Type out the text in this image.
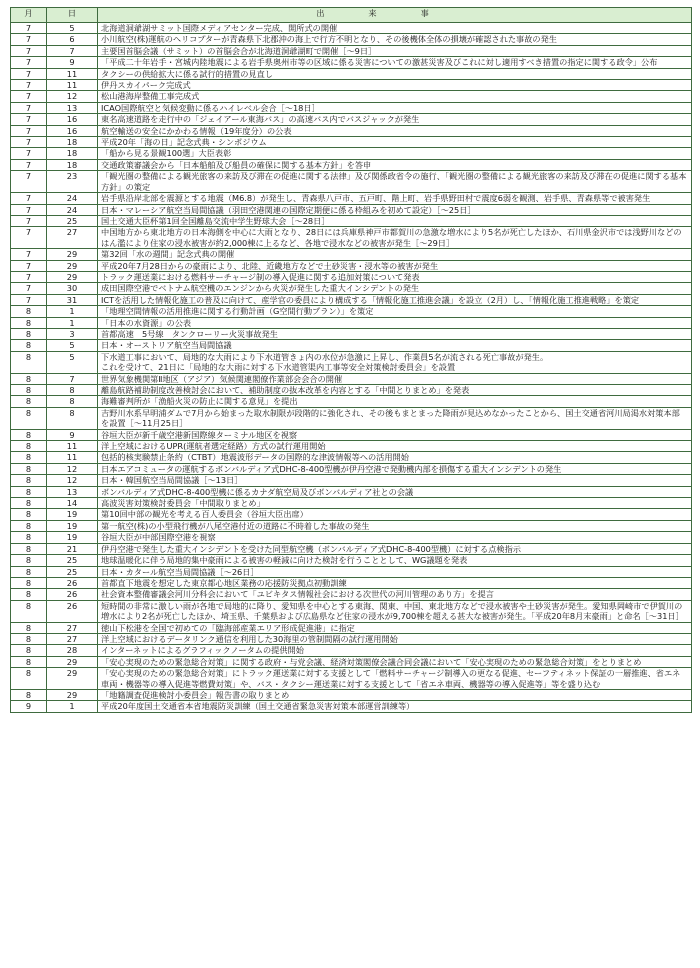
月	日	出来事
7	5	北海道洞爺湖サミット国際メディアセンター完成、開所式の開催
7	6	小川航空(株)運航のヘリコプターが青森県下北郡沖の海上で行方不明となり、その後機体全体の損壊が確認された事故の発生
7	7	主要国首脳会議（サミット）の首脳会合が北海道洞爺湖町で開催［〜9日］
7	9	「平成二十年岩手・宮城内陸地震による岩手県奥州市等の区域に係る災害についての激甚災害及びこれに対し適用すべき措置の指定に関する政令」公布
7	11	タクシーの供給拡大に係る試行的措置の見直し
7	11	伊丹スカイパーク完成式
7	12	松山港海岸整備工事完成式
7	13	ICAO国際航空と気候変動に係るハイレベル会合［〜18日］
7	16	東名高速道路を走行中の「ジェイアール東海バス」の高速バス内でバスジャックが発生
7	16	航空輸送の安全にかかわる情報（19年度分）の公表
7	18	平成20年「海の日」記念式典・シンポジウム
7	18	「船から見る景観100選」大臣表彰
7	18	交通政策審議会から「日本船舶及び船員の確保に関する基本方針」を答申
7	23	「観光圏の整備による観光旅客の来訪及び滞在の促進に関する法律」及び関係政省令の施行、「観光圏の整備による観光旅客の来訪及び滞在の促進に関する基本方針」の策定
7	24	岩手県沿岸北部を震源とする地震（M6.8）が発生し、青森県八戸市、五戸町、階上町、岩手県野田村で震度6弱を観測、岩手県、青森県等で被害発生
7	24	日本・マレーシア航空当局間協議（羽田空港関連の国際定期便に係る枠組みを初めて設定）［〜25日］
7	25	国土交通大臣杯第1回全国離島交流中学生野球大会［〜28日］
7	27	中国地方から東北地方の日本海側を中心に大雨となり、28日には兵庫県神戸市都賀川の急激な増水により5名が死亡したほか、石川県金沢市では浅野川などのはん濫により住家の浸水被害が約2,000棟に上るなど、各地で浸水などの被害が発生［〜29日］
7	29	第32回「水の週間」記念式典の開催
7	29	平成20年7月28日からの豪雨により、北陸、近畿地方などで土砂災害・浸水等の被害が発生
7	29	トラック運送業における燃料サーチャージ制の導入促進に関する追加対策について発表
7	30	成田国際空港でベトナム航空機のエンジンから火災が発生した重大インシデントの発生
7	31	ICTを活用した情報化施工の普及に向けて、産学官の委員により構成する「情報化施工推進会議」を設立（2月）し、「情報化施工推進戦略」を策定
8	1	「地理空間情報の活用推進に関する行動計画（G空間行動プラン）」を策定
8	1	「日本の水資源」の公表
8	3	首都高速　5号線　タンクローリー火災事故発生
8	5	日本・オーストリア航空当局間協議
8	5	下水道工事において、局地的な大雨により下水道管きょ内の水位が急激に上昇し、作業員5名が流される死亡事故が発生。
これを受けて、21日に「局地的な大雨に対する下水道管渠内工事等安全対策検討委員会」を設置
8	7	世界気象機関第Ⅱ地区（アジア）気候関連閣僚作業部会会合の開催
8	8	離島航路補助制度改善検討会において、補助制度の抜本改革を内容とする「中間とりまとめ」を発表
8	8	海難審判所が「漁船火災の防止に関する意見」を提出
8	8	吉野川水系早明浦ダムで7月から始まった取水制限が段階的に強化され、その後もまとまった降雨が見込めなかったことから、国土交通省河川局渇水対策本部を設置［〜11月25日］
8	9	谷垣大臣が新千歳空港新国際線ターミナル地区を視察
8	11	洋上空域におけるUPR(運航者選定経路）方式の試行運用開始
8	11	包括的核実験禁止条約（CTBT）地震波形データの国際的な津波情報等への活用開始
8	12	日本エアコミュータの運航するボンバルディア式DHC-8-400型機が伊丹空港で発動機内部を損傷する重大インシデントの発生
8	12	日本・韓国航空当局間協議［〜13日］
8	13	ボンバルディア式DHC-8-400型機に係るカナダ航空局及びボンバルディア社との会議
8	14	高波災害対策検討委員会「中間取りまとめ」
8	19	第10回中部の観光を考える百人委員会（谷垣大臣出席）
8	19	第一航空(株)の小型飛行機が八尾空港付近の道路に不時着した事故の発生
8	19	谷垣大臣が中部国際空港を視察
8	21	伊丹空港で発生した重大インシデントを受けた同型航空機（ボンバルディア式DHC-8-400型機）に対する点検指示
8	25	地球温暖化に伴う局地的集中豪雨による被害の軽減に向けた検討を行うこととして、WG議題を発表
8	25	日本・カタール航空当局間協議［〜26日］
8	26	首都直下地震を想定した東京都心地区業務の応援防災拠点初動訓練
8	26	社会資本整備審議会河川分科会において「ユビキタス情報社会における次世代の河川管理のあり方」を提言
8	26	短時間の非常に激しい雨が各地で局地的に降り、愛知県を中心とする東海、関東、中国、東北地方などで浸水被害や土砂災害が発生。愛知県岡崎市で伊賀川の増水により2名が死亡したほか、埼玉県、千葉県および広島県など住家の浸水が9,700棟を超える甚大な被害が発生。「平成20年8月末豪雨」と命名［〜31日］
8	27	徳山下松港を全国で初めての「臨海部産業エリア形成促進港」に指定
8	27	洋上空域におけるデータリンク通信を利用した30海里の管制間隔の試行運用開始
8	28	インターネットによるグラフィックノータムの提供開始
8	29	「安心実現のための緊急総合対策」に関する政府・与党会議、経済対策閣僚会議合同会議において「安心実現のための緊急総合対策」をとりまとめ
8	29	「安心実現のための緊急総合対策」にトラック運送業に対する支援として「燃料サーチャージ制導入の更なる促進、セーフティネット保証の一層推進、省エネ車両・機器等の導入促進等燃費対策」や、バス・タクシー運送業に対する支援として「省エネ車両、機器等の導入促進等」等を盛り込む
8	29	「地籍調査促進検討小委員会」報告書の取りまとめ
9	1	平成20年度国土交通省本省地震防災訓練（国土交通省緊急災害対策本部運営訓練等）
